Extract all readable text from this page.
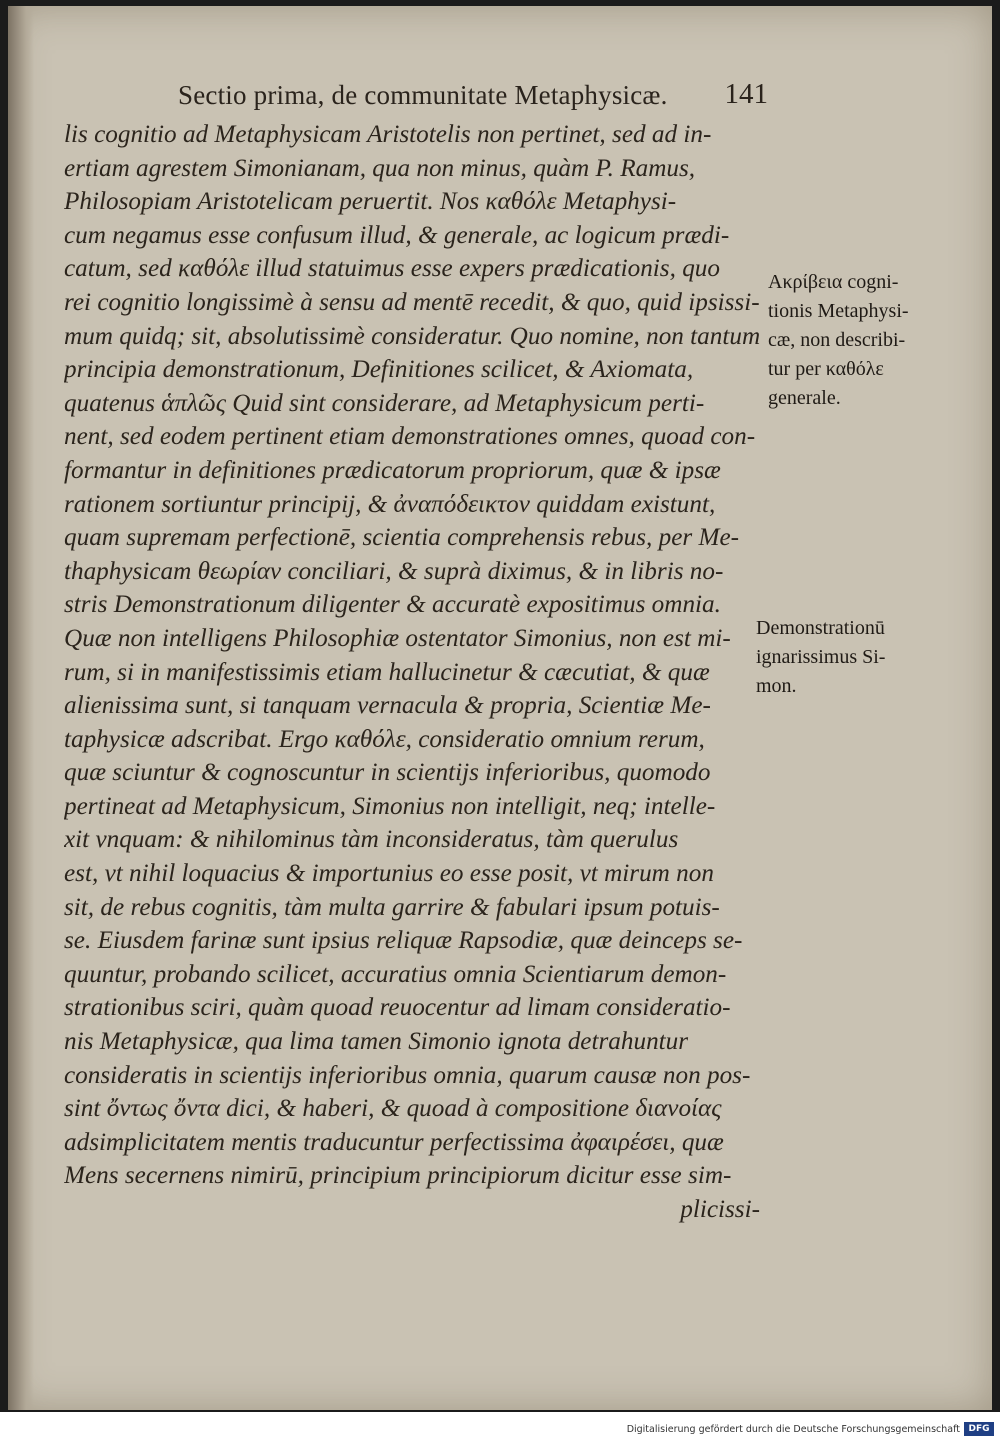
Sectio prima, de communitate Metaphysicæ. 141
lis cognitio ad Metaphysicam Aristotelis non pertinet, sed ad in-
ertiam agrestem Simonianam, qua non minus, quàm P. Ramus,
Philosopiam Aristotelicam peruertit. Nos καθόλε Metaphysi-
cum negamus esse confusum illud, & generale, ac logicum prædi-
catum, sed καθόλε illud statuimus esse expers prædicationis, quo
rei cognitio longissimè à sensu ad mentē recedit, & quo, quid ipsissi-
mum quidq; sit, absolutissimè consideratur. Quo nomine, non tantum
principia demonstrationum, Definitiones scilicet, & Axiomata,
quatenus ἁπλῶς Quid sint considerare, ad Metaphysicum perti-
nent, sed eodem pertinent etiam demonstrationes omnes, quoad con-
formantur in definitiones prædicatorum propriorum, quæ & ipsæ
rationem sortiuntur principij, & ἀναπόδεικτον quiddam existunt,
quam supremam perfectionē, scientia comprehensis rebus, per Me-
thaphysicam θεωρίαν conciliari, & suprà diximus, & in libris no-
stris Demonstrationum diligenter & accuratè expositimus omnia.
Quæ non intelligens Philosophiæ ostentator Simonius, non est mi-
rum, si in manifestissimis etiam hallucinetur & cæcutiat, & quæ
alienissima sunt, si tanquam vernacula & propria, Scientiæ Me-
taphysicæ adscribat. Ergo καθόλε, consideratio omnium rerum,
quæ sciuntur & cognoscuntur in scientijs inferioribus, quomodo
pertineat ad Metaphysicum, Simonius non intelligit, neq; intelle-
xit vnquam: & nihilominus tàm inconsideratus, tàm querulus
est, vt nihil loquacius & importunius eo esse posit, vt mirum non
sit, de rebus cognitis, tàm multa garrire & fabulari ipsum potuis-
se. Eiusdem farinæ sunt ipsius reliquæ Rapsodiæ, quæ deinceps se-
quuntur, probando scilicet, accuratius omnia Scientiarum demon-
strationibus sciri, quàm quoad reuocentur ad limam consideratio-
nis Metaphysicæ, qua lima tamen Simonio ignota detrahuntur
consideratis in scientijs inferioribus omnia, quarum causæ non pos-
sint ὄντως ὄντα dici, & haberi, & quoad à compositione διανοίας
adsimplicitatem mentis traducuntur perfectissima ἀφαιρέσει, quæ
Mens secernens nimirū, principium principiorum dicitur esse sim-
plicissi-
Ακρίβεια cogni-
tionis Metaphysi-
cæ, non describi-
tur per καθόλε
generale.
Demonstrationū
ignarissimus Si-
mon.
Digitalisierung gefördert durch die Deutsche Forschungsgemeinschaft DFG
